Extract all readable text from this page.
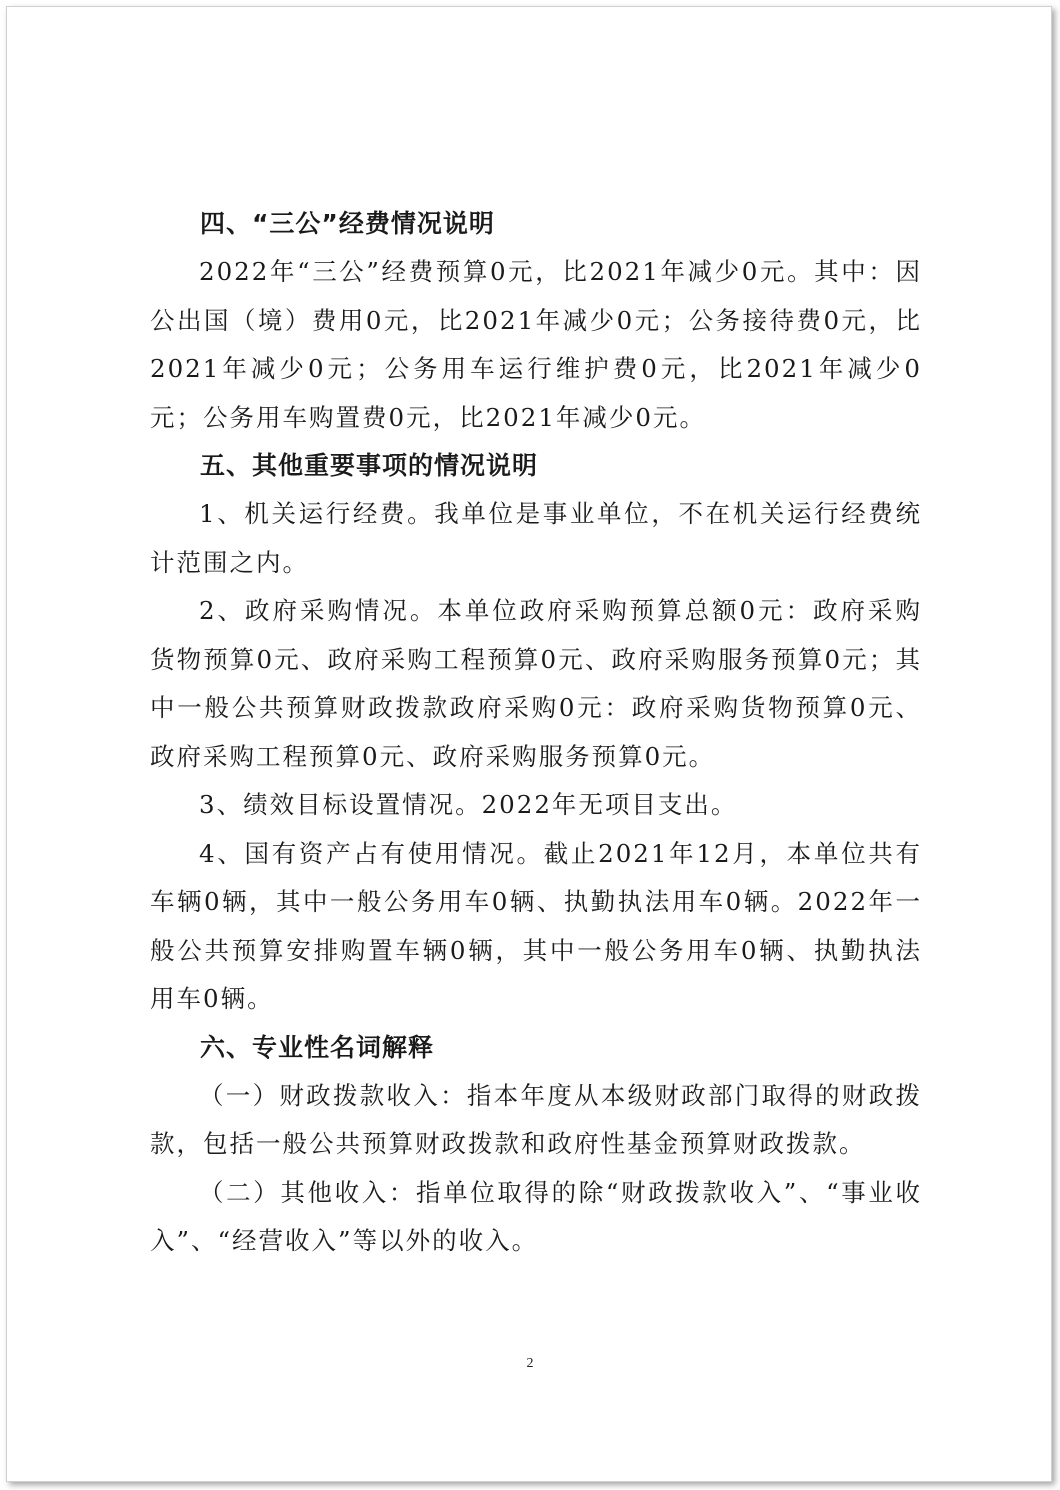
四、“三公”经费情况说明

2022年“三公”经费预算0元，比2021年减少0元。其中：因公出国（境）费用0元，比2021年减少0元；公务接待费0元，比2021年减少0元；公务用车运行维护费0元，比2021年减少0元；公务用车购置费0元，比2021年减少0元。

五、其他重要事项的情况说明

1、机关运行经费。我单位是事业单位，不在机关运行经费统计范围之内。

2、政府采购情况。本单位政府采购预算总额0元：政府采购货物预算0元、政府采购工程预算0元、政府采购服务预算0元；其中一般公共预算财政拨款政府采购0元：政府采购货物预算0元、政府采购工程预算0元、政府采购服务预算0元。

3、绩效目标设置情况。2022年无项目支出。

4、国有资产占有使用情况。截止2021年12月，本单位共有车辆0辆，其中一般公务用车0辆、执勤执法用车0辆。2022年一般公共预算安排购置车辆0辆，其中一般公务用车0辆、执勤执法用车0辆。

六、专业性名词解释

（一）财政拨款收入：指本年度从本级财政部门取得的财政拨款，包括一般公共预算财政拨款和政府性基金预算财政拨款。

（二）其他收入：指单位取得的除“财政拨款收入”、“事业收入”、“经营收入”等以外的收入。

2
